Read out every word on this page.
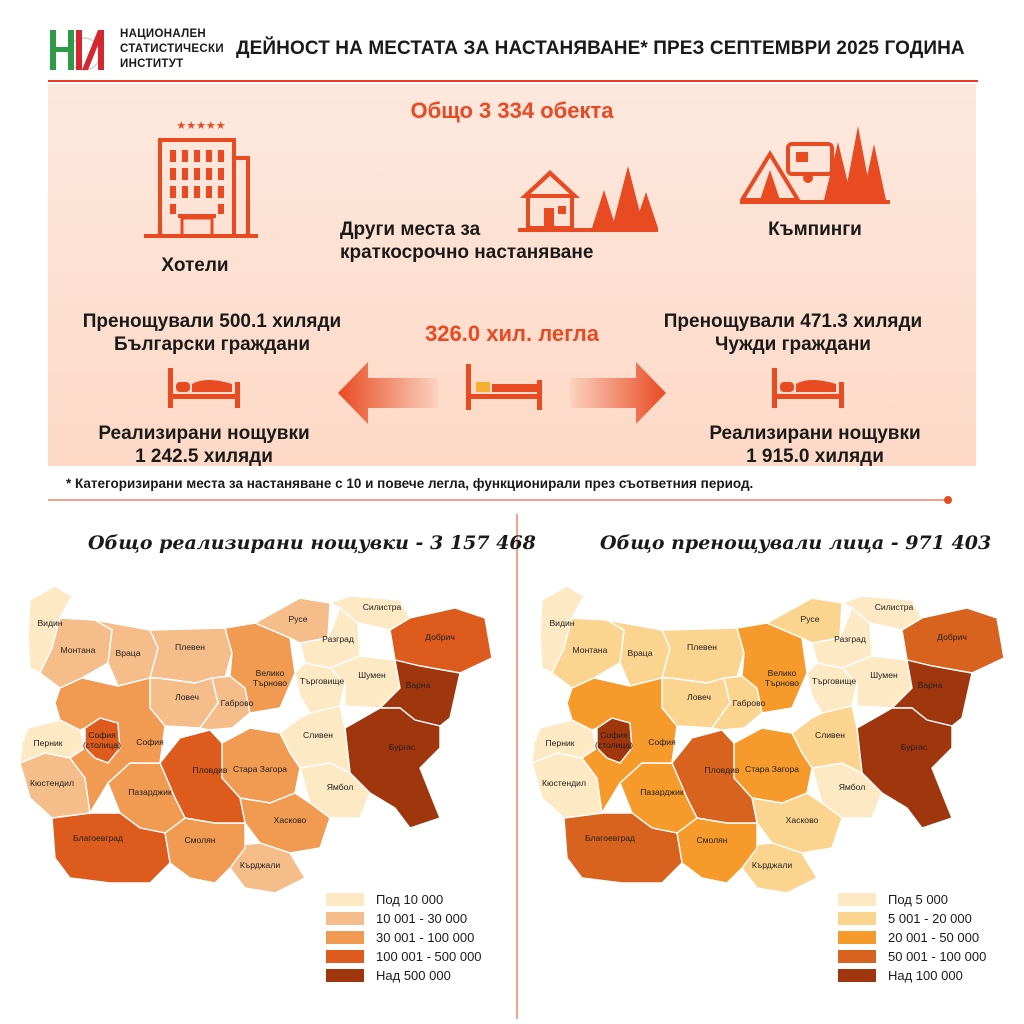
НАЦИОНАЛЕН
СТАТИСТИЧЕСКИ
ИНСТИТУТ
ДЕЙНОСТ НА МЕСТАТА ЗА НАСТАНЯВАНЕ* ПРЕЗ СЕПТЕМВРИ 2025 ГОДИНА
Общо 3 334 обекта
★★★★★
Хотели
Други места за
краткосрочно настаняване
Къмпинги
Пренощували 500.1 хиляди
Български граждани
Пренощували 471.3 хиляди
Чужди граждани
326.0 хил. легла
Реализирани нощувки
1 242.5 хиляди
Реализирани нощувки
1 915.0 хиляди
* Категоризирани места за настаняване с 10 и повече легла, функционирали през съответния период.
Общо реализирани нощувки - 3 157 468	Общо пренощували лица - 971 403
Видин
Монтана Враца
Плевен
Ловеч
Габрово
Велико Търново
Русе
Разград
Силистра
Търговище
Шумен
Добрич
Варна
Бургас
Ямбол
Сливен
Стара Загора
Хасково
Кърджали
Смолян
Пловдив
Пазарджик
Благоевград
Кюстендил
Перник
София (столица) София
Видин
Монтана Враца
Плевен
Ловеч
Габрово
Велико Търново
Русе
Разград
Силистра
Търговище
Шумен
Добрич
Варна
Бургас
Ямбол
Сливен
Стара Загора
Хасково
Кърджали
Смолян
Пловдив
Пазарджик
Благоевград
Кюстендил
Перник
София (столица) София
Под 10 000
10 001 - 30 000
30 001 - 100 000
100 001 - 500 000
Над 500 000
Под 5 000
5 001 - 20 000
20 001 - 50 000
50 001 - 100 000
Над 100 000
